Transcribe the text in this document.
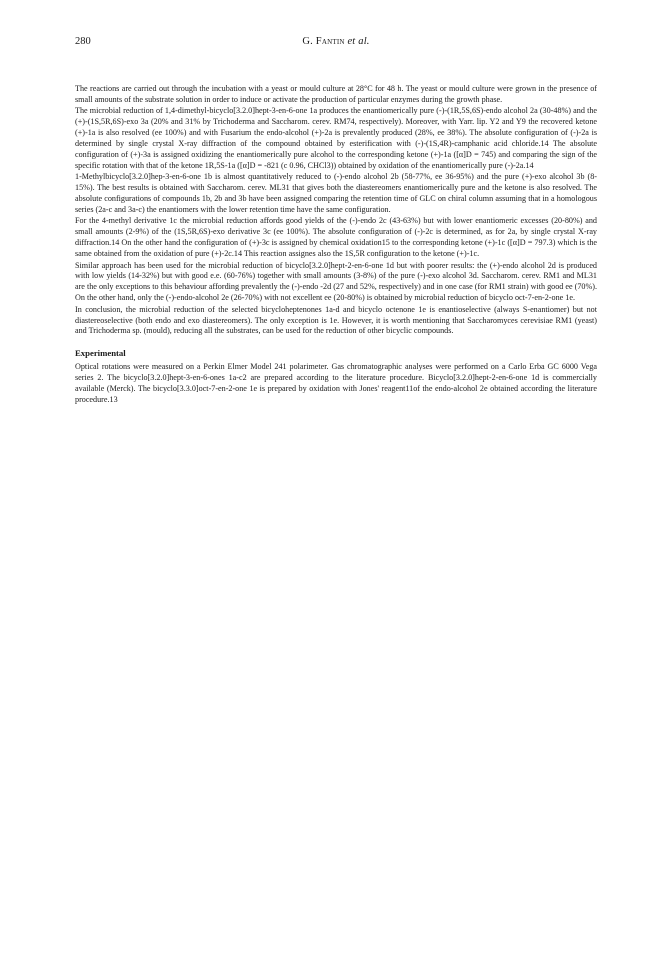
280	G. Fantin et al.

The reactions are carried out through the incubation with a yeast or mould culture at 28°C for 48 h. The yeast or mould culture were grown in the presence of small amounts of the substrate solution in order to induce or activate the production of particular enzymes during the growth phase.

The microbial reduction of 1,4-dimethyl-bicyclo[3.2.0]hept-3-en-6-one 1a produces the enantiomerically pure (-)-(1R,5S,6S)-endo alcohol 2a (30-48%) and the (+)-(1S,5R,6S)-exo 3a (20% and 31% by Trichoderma and Saccharom. cerev. RM74, respectively). Moreover, with Yarr. lip. Y2 and Y9 the recovered ketone (+)-1a is also resolved (ee 100%) and with Fusarium the endo-alcohol (+)-2a is prevalently produced (28%, ee 38%). The absolute configuration of (-)-2a is determined by single crystal X-ray diffraction of the compound obtained by esterification with (-)-(1S,4R)-camphanic acid chloride.14 The absolute configuration of (+)-3a is assigned oxidizing the enantiomerically pure alcohol to the corresponding ketone (+)-1a ([α]D = 745) and comparing the sign of the specific rotation with that of the ketone 1R,5S-1a ([α]D = -821 (c 0.96, CHCl3)) obtained by oxidation of the enantiomerically pure (-)-2a.14

1-Methylbicyclo[3.2.0]hep-3-en-6-one 1b is almost quantitatively reduced to (-)-endo alcohol 2b (58-77%, ee 36-95%) and the pure (+)-exo alcohol 3b (8-15%). The best results is obtained with Saccharom. cerev. ML31 that gives both the diastereomers enantiomerically pure and the ketone is also resolved. The absolute configurations of compounds 1b, 2b and 3b have been assigned comparing the retention time of GLC on chiral column assuming that in a homologous series (2a-c and 3a-c) the enantiomers with the lower retention time have the same configuration.

For the 4-methyl derivative 1c the microbial reduction affords good yields of the (-)-endo 2c (43-63%) but with lower enantiomeric excesses (20-80%) and small amounts (2-9%) of the (1S,5R,6S)-exo derivative 3c (ee 100%). The absolute configuration of (-)-2c is determined, as for 2a, by single crystal X-ray diffraction.14 On the other hand the configuration of (+)-3c is assigned by chemical oxidation15 to the corresponding ketone (+)-1c ([α]D = 797.3) which is the same obtained from the oxidation of pure (+)-2c.14 This reaction assignes also the 1S,5R configuration to the ketone (+)-1c.

Similar approach has been used for the microbial reduction of bicyclo[3.2.0]hept-2-en-6-one 1d but with poorer results: the (+)-endo alcohol 2d is produced with low yields (14-32%) but with good e.e. (60-76%) together with small amounts (3-8%) of the pure (-)-exo alcohol 3d. Saccharom. cerev. RM1 and ML31 are the only exceptions to this behaviour affording prevalently the (-)-endo -2d (27 and 52%, respectively) and in one case (for RM1 strain) with good ee (70%). On the other hand, only the (-)-endo-alcohol 2e (26-70%) with not excellent ee (20-80%) is obtained by microbial reduction of bicyclo oct-7-en-2-one 1e.

In conclusion, the microbial reduction of the selected bicycloheptenones 1a-d and bicyclo octenone 1e is enantioselective (always S-enantiomer) but not diastereoselective (both endo and exo diastereomers). The only exception is 1e. However, it is worth mentioning that Saccharomyces cerevisiae RM1 (yeast) and Trichoderma sp. (mould), reducing all the substrates, can be used for the reduction of other bicyclic compounds.

Experimental

Optical rotations were measured on a Perkin Elmer Model 241 polarimeter. Gas chromatographic analyses were performed on a Carlo Erba GC 6000 Vega series 2. The bicyclo[3.2.0]hept-3-en-6-ones 1a-c2 are prepared according to the literature procedure. Bicyclo[3.2.0]hept-2-en-6-one 1d is commercially available (Merck). The bicyclo[3.3.0]oct-7-en-2-one 1e is prepared by oxidation with Jones' reagent11of the endo-alcohol 2e obtained according the literature procedure.13
